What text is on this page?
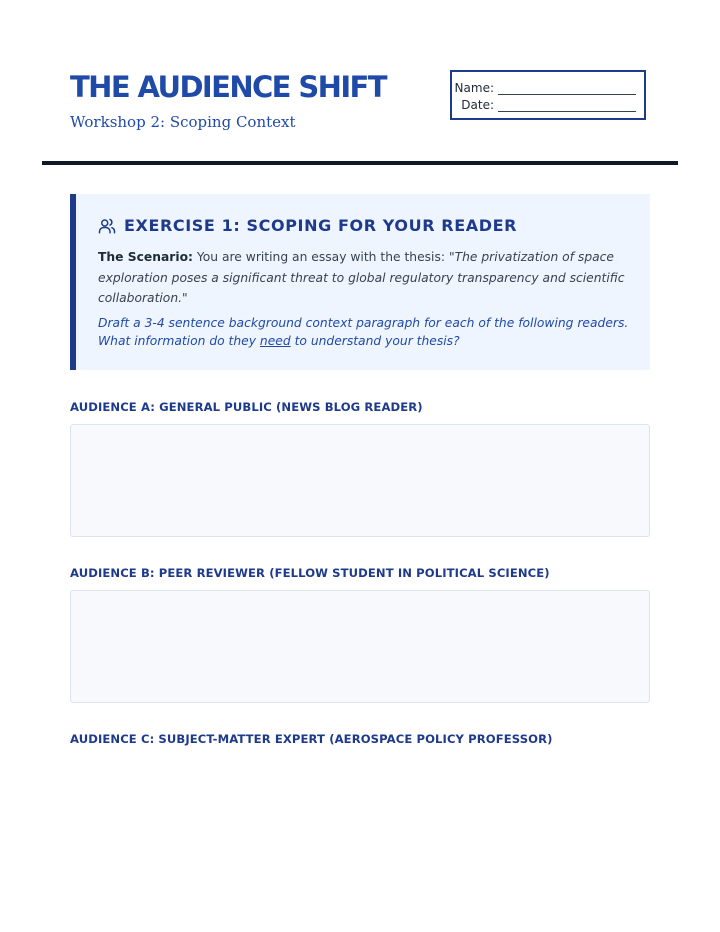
THE AUDIENCE SHIFT
Workshop 2: Scoping Context
Name:
Date:
EXERCISE 1: SCOPING FOR YOUR READER
The Scenario: You are writing an essay with the thesis: "The privatization of space exploration poses a significant threat to global regulatory transparency and scientific collaboration."
Draft a 3-4 sentence background context paragraph for each of the following readers. What information do they need to understand your thesis?
AUDIENCE A: GENERAL PUBLIC (NEWS BLOG READER)
AUDIENCE B: PEER REVIEWER (FELLOW STUDENT IN POLITICAL SCIENCE)
AUDIENCE C: SUBJECT-MATTER EXPERT (AEROSPACE POLICY PROFESSOR)
